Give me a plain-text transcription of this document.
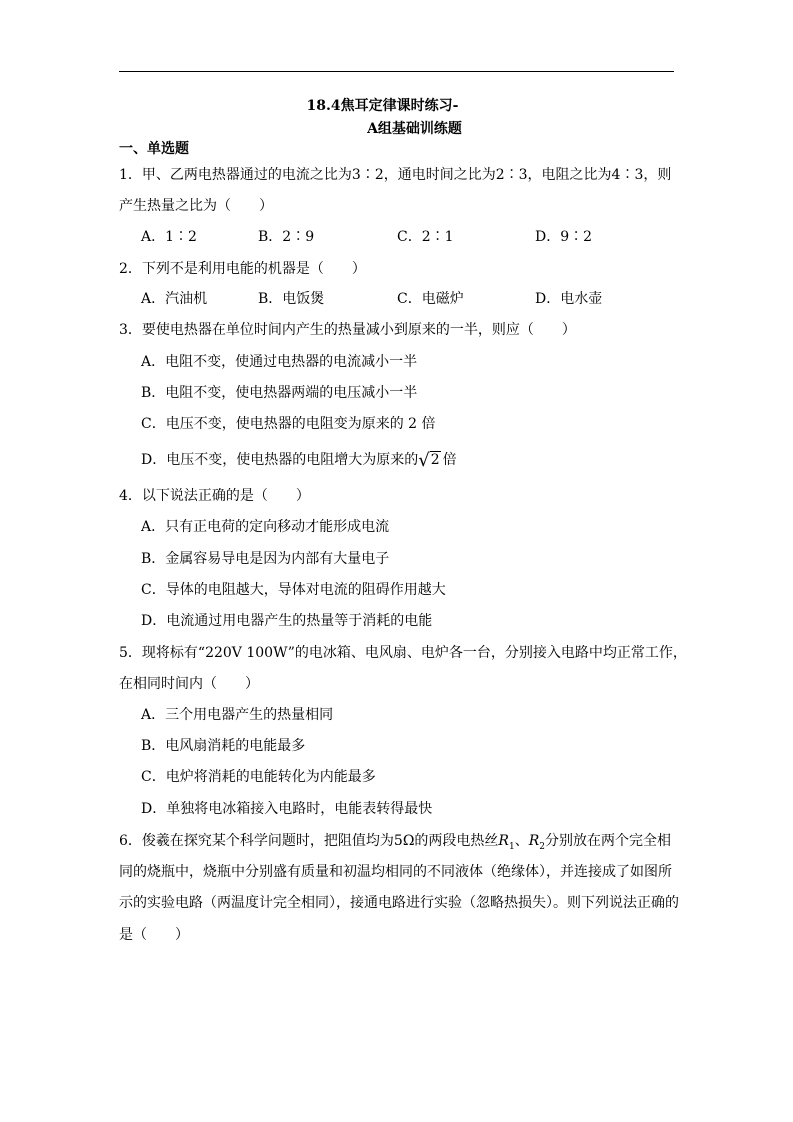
18.4焦耳定律课时练习-
A组基础训练题
一、单选题
1．甲、乙两电热器通过的电流之比为3∶2，通电时间之比为2∶3，电阻之比为4∶3，则
产生热量之比为（　　）
A．1∶2	B．2∶9	C．2∶1	D．9∶2
2．下列不是利用电能的机器是（　　）
A．汽油机	B．电饭煲	C．电磁炉	D．电水壶
3．要使电热器在单位时间内产生的热量减小到原来的一半，则应（　　）
A．电阻不变，使通过电热器的电流减小一半
B．电阻不变，使电热器两端的电压减小一半
C．电压不变，使电热器的电阻变为原来的 2 倍
D．电压不变，使电热器的电阻增大为原来的√2 倍
4．以下说法正确的是（　　）
A．只有正电荷的定向移动才能形成电流
B．金属容易导电是因为内部有大量电子
C．导体的电阻越大，导体对电流的阻碍作用越大
D．电流通过用电器产生的热量等于消耗的电能
5．现将标有“220V 100W”的电冰箱、电风扇、电炉各一台，分别接入电路中均正常工作，
在相同时间内（　　）
A．三个用电器产生的热量相同
B．电风扇消耗的电能最多
C．电炉将消耗的电能转化为内能最多
D．单独将电冰箱接入电路时，电能表转得最快
6．俊羲在探究某个科学问题时，把阻值均为5Ω的两段电热丝$R_1$、$R_2$分别放在两个完全相
同的烧瓶中，烧瓶中分别盛有质量和初温均相同的不同液体（绝缘体），并连接成了如图所
示的实验电路（两温度计完全相同），接通电路进行实验（忽略热损失）。则下列说法正确的
是（　　）
